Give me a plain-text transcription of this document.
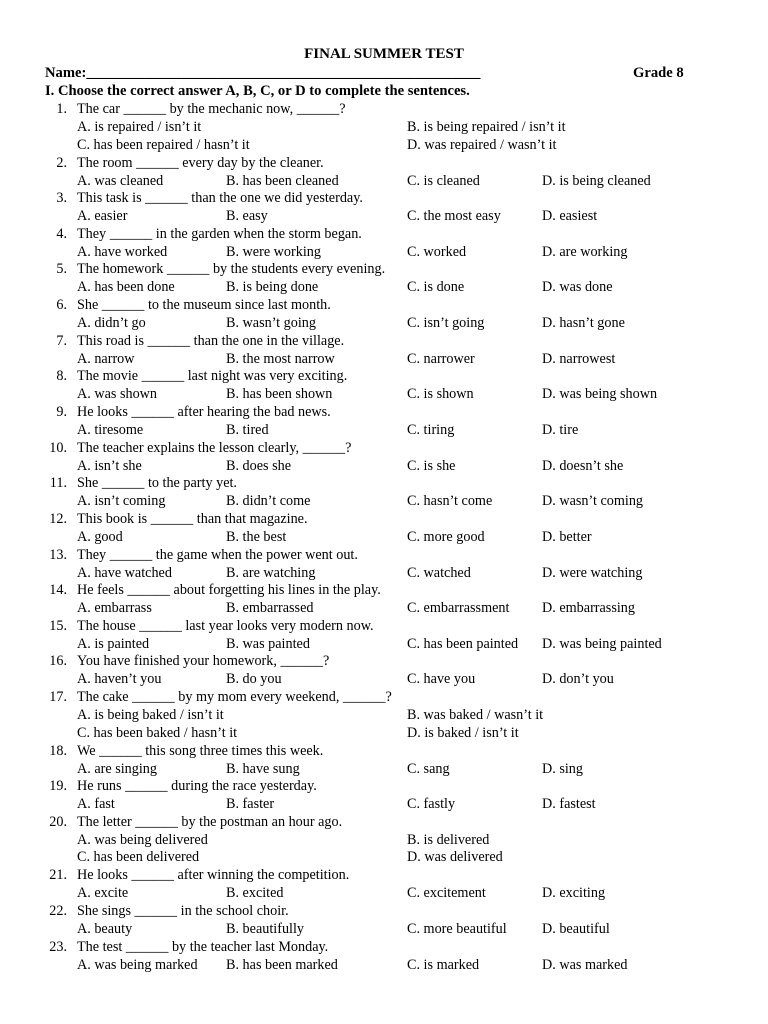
FINAL SUMMER TEST
Name:______________________________________________________	Grade 8
I. Choose the correct answer A, B, C, or D to complete the sentences.
1. The car ______ by the mechanic now, ______?
A. is repaired / isn’t it	B. is being repaired / isn’t it
C. has been repaired / hasn’t it	D. was repaired / wasn’t it
2. The room ______ every day by the cleaner.
A. was cleaned	B. has been cleaned	C. is cleaned	D. is being cleaned
3. This task is ______ than the one we did yesterday.
A. easier	B. easy	C. the most easy	D. easiest
4. They ______ in the garden when the storm began.
A. have worked	B. were working	C. worked	D. are working
5. The homework ______ by the students every evening.
A. has been done	B. is being done	C. is done	D. was done
6. She ______ to the museum since last month.
A. didn’t go	B. wasn’t going	C. isn’t going	D. hasn’t gone
7. This road is ______ than the one in the village.
A. narrow	B. the most narrow	C. narrower	D. narrowest
8. The movie ______ last night was very exciting.
A. was shown	B. has been shown	C. is shown	D. was being shown
9. He looks ______ after hearing the bad news.
A. tiresome	B. tired	C. tiring	D. tire
10. The teacher explains the lesson clearly, ______?
A. isn’t she	B. does she	C. is she	D. doesn’t she
11. She ______ to the party yet.
A. isn’t coming	B. didn’t come	C. hasn’t come	D. wasn’t coming
12. This book is ______ than that magazine.
A. good	B. the best	C. more good	D. better
13. They ______ the game when the power went out.
A. have watched	B. are watching	C. watched	D. were watching
14. He feels ______ about forgetting his lines in the play.
A. embarrass	B. embarrassed	C. embarrassment D. embarrassing
15. The house ______ last year looks very modern now.
A. is painted	B. was painted	C. has been painted D. was being painted
16. You have finished your homework, ______?
A. haven’t you	B. do you	C. have you	D. don’t you
17. The cake ______ by my mom every weekend, ______?
A. is being baked / isn’t it	B. was baked / wasn’t it
C. has been baked / hasn’t it	D. is baked / isn’t it
18. We ______ this song three times this week.
A. are singing	B. have sung	C. sang	D. sing
19. He runs ______ during the race yesterday.
A. fast	B. faster	C. fastly	D. fastest
20. The letter ______ by the postman an hour ago.
A. was being delivered	B. is delivered
C. has been delivered	D. was delivered
21. He looks ______ after winning the competition.
A. excite	B. excited	C. excitement	D. exciting
22. She sings ______ in the school choir.
A. beauty	B. beautifully	C. more beautiful D. beautiful
23. The test ______ by the teacher last Monday.
A. was being marked B. has been marked	C. is marked	D. was marked
